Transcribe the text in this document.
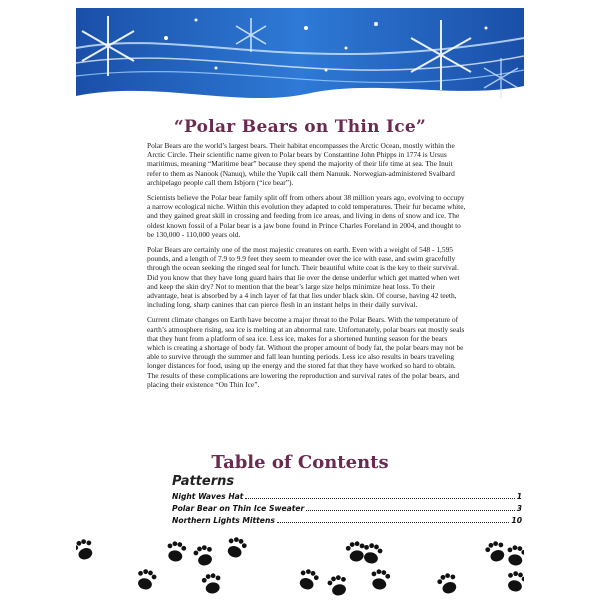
“Polar Bears on Thin Ice”

Polar Bears are the world’s largest bears. Their habitat encompasses the Arctic Ocean, mostly within the Arctic Circle. Their scientific name given to Polar bears by Constantine John Phipps in 1774 is Ursus maritimus, meaning “Maritime bear” because they spend the majority of their life time at sea. The Inuit refer to them as Nanook (Nanuq), while the Yupik call them Nanuuk. Norwegian-administered Svalbard archipelago people call them Isbjorn (“ice bear”).

Scientists believe the Polar bear family split off from others about 38 million years ago, evolving to occupy a narrow ecological niche. Within this evolution they adapted to cold temperatures. Their fur became white, and they gained great skill in crossing and feeding from ice areas, and living in dens of snow and ice. The oldest known fossil of a Polar bear is a jaw bone found in Prince Charles Foreland in 2004, and thought to be 130,000 - 110,000 years old.

Polar Bears are certainly one of the most majestic creatures on earth. Even with a weight of 548 - 1,595 pounds, and a length of 7.9 to 9.9 feet they seem to meander over the ice with ease, and swim gracefully through the ocean seeking the ringed seal for lunch. Their beautiful white coat is the key to their survival. Did you know that they have long guard hairs that lie over the dense underfur which get matted when wet and keep the skin dry? Not to mention that the bear’s large size helps minimize heat loss. To their advantage, heat is absorbed by a 4 inch layer of fat that lies under black skin. Of course, having 42 teeth, including long, sharp canines that can pierce flesh in an instant helps in their daily survival.

Current climate changes on Earth have become a major threat to the Polar Bears. With the temperature of earth’s atmosphere rising, sea ice is melting at an abnormal rate. Unfortunately, polar bears eat mostly seals that they hunt from a platform of sea ice. Less ice, makes for a shortened hunting season for the bears which is creating a shortage of body fat. Without the proper amount of body fat, the polar bears may not be able to survive through the summer and fall lean hunting periods. Less ice also results in bears traveling longer distances for food, using up the energy and the stored fat that they have worked so hard to obtain. The results of these complications are lowering the reproduction and survival rates of the polar bears, and placing their existence “On Thin Ice”.

Table of Contents
Patterns
Night Waves Hat	1
Polar Bear on Thin Ice Sweater	3
Northern Lights Mittens	10
